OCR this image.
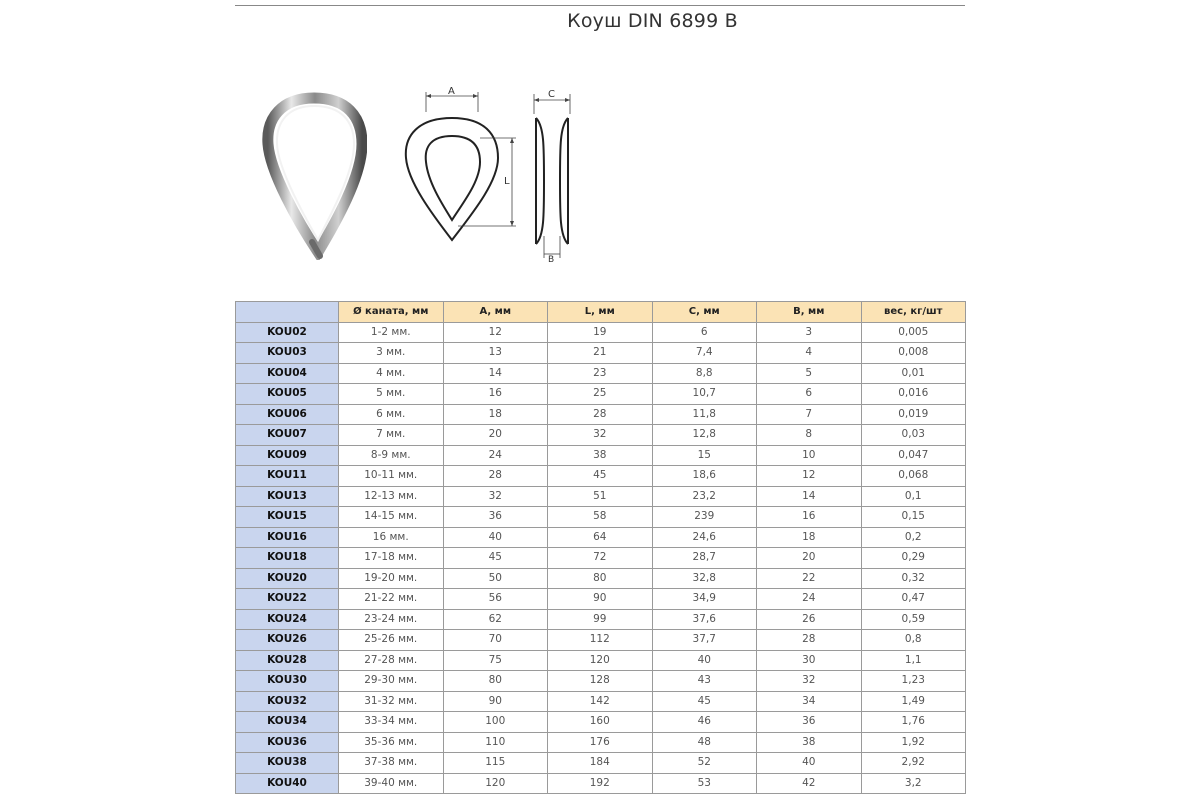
Коуш DIN 6899 B
A
L
C
B
	Ø каната, мм	A, мм	L, мм	C, мм	B, мм	вес, кг/шт
KOU02	1-2 мм.	12	19	6	3	0,005
KOU03	3 мм.	13	21	7,4	4	0,008
KOU04	4 мм.	14	23	8,8	5	0,01
KOU05	5 мм.	16	25	10,7	6	0,016
KOU06	6 мм.	18	28	11,8	7	0,019
KOU07	7 мм.	20	32	12,8	8	0,03
KOU09	8-9 мм.	24	38	15	10	0,047
KOU11	10-11 мм.	28	45	18,6	12	0,068
KOU13	12-13 мм.	32	51	23,2	14	0,1
KOU15	14-15 мм.	36	58	239	16	0,15
KOU16	16 мм.	40	64	24,6	18	0,2
KOU18	17-18 мм.	45	72	28,7	20	0,29
KOU20	19-20 мм.	50	80	32,8	22	0,32
KOU22	21-22 мм.	56	90	34,9	24	0,47
KOU24	23-24 мм.	62	99	37,6	26	0,59
KOU26	25-26 мм.	70	112	37,7	28	0,8
KOU28	27-28 мм.	75	120	40	30	1,1
KOU30	29-30 мм.	80	128	43	32	1,23
KOU32	31-32 мм.	90	142	45	34	1,49
KOU34	33-34 мм.	100	160	46	36	1,76
KOU36	35-36 мм.	110	176	48	38	1,92
KOU38	37-38 мм.	115	184	52	40	2,92
KOU40	39-40 мм.	120	192	53	42	3,2
